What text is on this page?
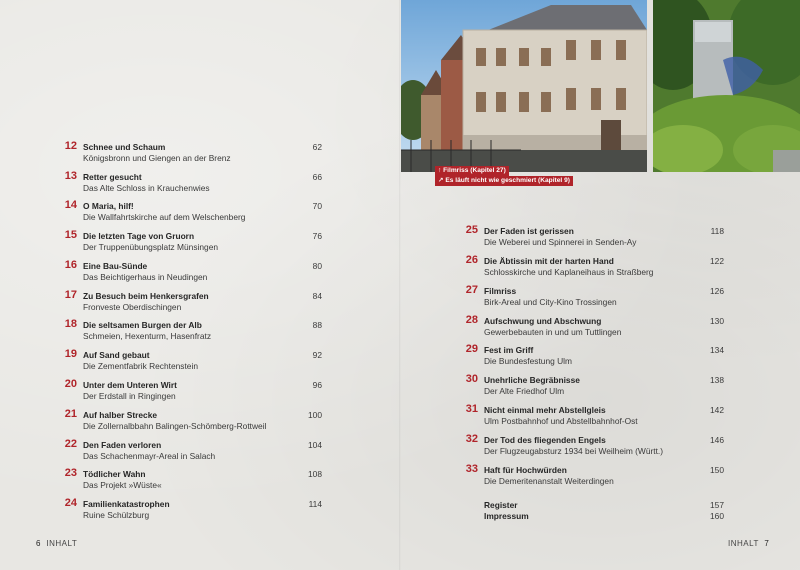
↑ Filmriss (Kapitel 27)
↗ Es läuft nicht wie geschmiert (Kapitel 9)
12 Schnee und Schaum
Königsbronn und Giengen an der Brenz
62
13 Retter gesucht
Das Alte Schloss in Krauchenwies
66
14 O Maria, hilf!
Die Wallfahrtskirche auf dem Welschenberg
70
15 Die letzten Tage von Gruorn
Der Truppenübungsplatz Münsingen
76
16 Eine Bau-Sünde
Das Beichtigerhaus in Neudingen
80
17 Zu Besuch beim Henkersgrafen
Fronveste Oberdischingen
84
18 Die seltsamen Burgen der Alb
Schmeien, Hexenturm, Hasenfratz
88
19 Auf Sand gebaut
Die Zementfabrik Rechtenstein
92
20 Unter dem Unteren Wirt
Der Erdstall in Ringingen
96
21 Auf halber Strecke
Die Zollernalbbahn Balingen-Schömberg-Rottweil
100
22 Den Faden verloren
Das Schachenmayr-Areal in Salach
104
23 Tödlicher Wahn
Das Projekt »Wüste«
108
24 Familienkatastrophen
Ruine Schülzburg
114
25 Der Faden ist gerissen
Die Weberei und Spinnerei in Senden-Ay
118
26 Die Äbtissin mit der harten Hand
Schlosskirche und Kaplaneihaus in Straßberg
122
27 Filmriss
Birk-Areal und City-Kino Trossingen
126
28 Aufschwung und Abschwung
Gewerbebauten in und um Tuttlingen
130
29 Fest im Griff
Die Bundesfestung Ulm
134
30 Unehrliche Begräbnisse
Der Alte Friedhof Ulm
138
31 Nicht einmal mehr Abstellgleis
Ulm Postbahnhof und Abstellbahnhof-Ost
142
32 Der Tod des fliegenden Engels
Der Flugzeugabsturz 1934 bei Weilheim (Württ.)
146
33 Haft für Hochwürden
Die Demeritenanstalt Weiterdingen
150
Register	157
Impressum	160
6 INHALT	INHALT 7
